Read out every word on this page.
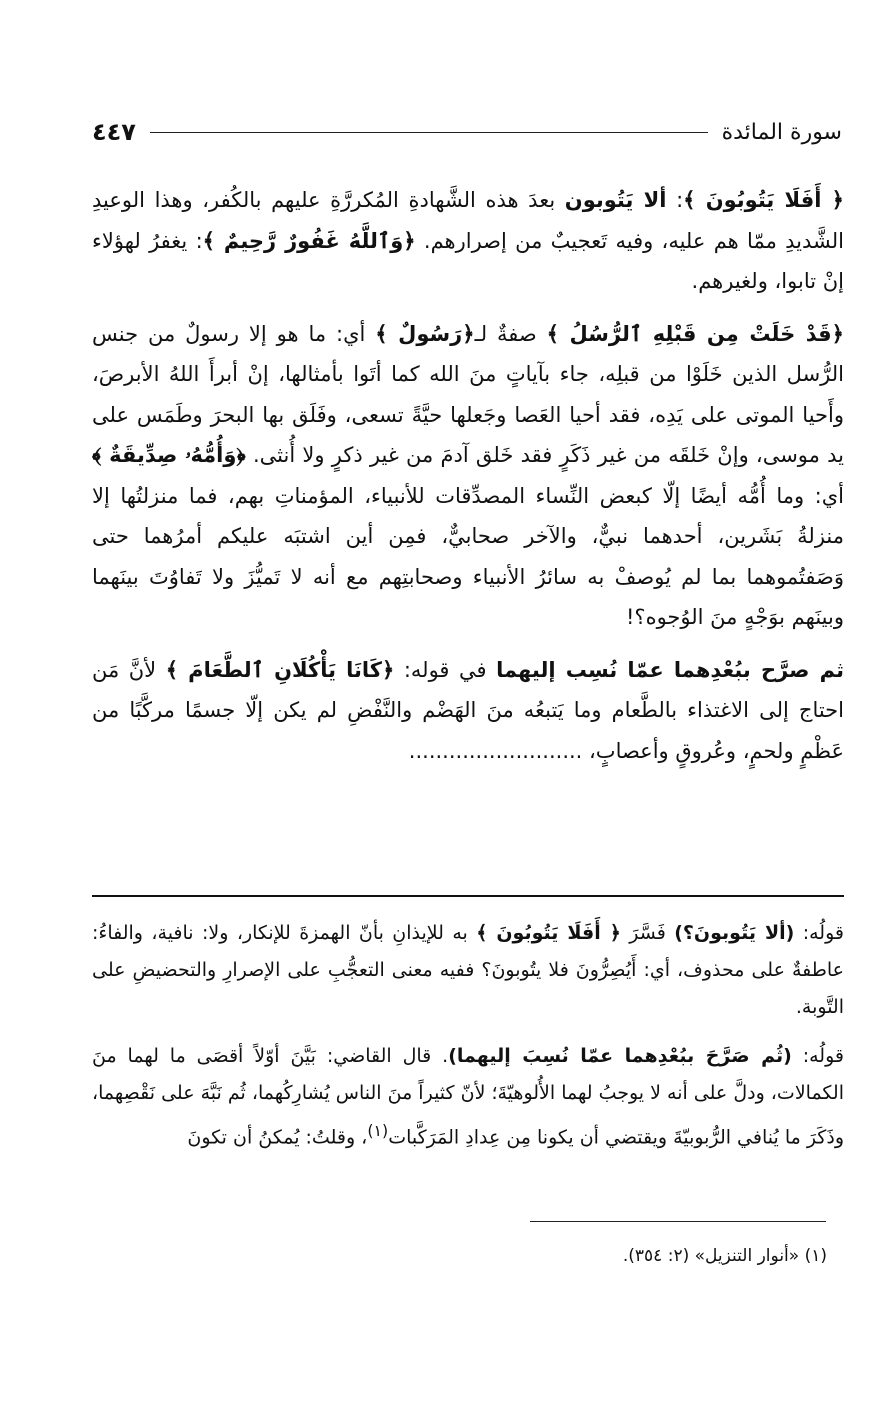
سورة المائدة
٤٤٧

﴿ أَفَلَا يَتُوبُونَ ﴾: ألا يَتُوبون بعدَ هذه الشَّهادةِ المُكررَّةِ عليهم بالكُفر، وهذا الوعيدِ الشَّديدِ ممّا هم عليه، وفيه تَعجيبٌ من إصرارهم. ﴿وَٱللَّهُ غَفُورٌ رَّحِيمٌ ﴾: يغفرُ لهؤلاء إنْ تابوا، ولغيرهم.

﴿قَدْ خَلَتْ مِن قَبْلِهِ ٱلرُّسُلُ ﴾ صفةٌ لـ﴿رَسُولٌ ﴾ أي: ما هو إلا رسولٌ من جنس الرُّسل الذين خَلَوْا من قبلِه، جاء بآياتٍ منَ الله كما أتَوا بأمثالها، إنْ أبرأَ اللهُ الأبرصَ، وأَحيا الموتى على يَدِه، فقد أحيا العَصا وجَعلها حيَّةً تسعى، وفَلَق بها البحرَ وطَمَس على يد موسى، وإنْ خَلقَه من غير ذَكَرٍ فقد خَلق آدمَ من غير ذكرٍ ولا أُنثى. ﴿وَأُمُّهُۥ صِدِّيقَةٌ ﴾ أي: وما أُمُّه أيضًا إلّا كبعض النِّساء المصدِّقات للأنبياء، المؤمناتِ بهم، فما منزلتُها إلا منزلةُ بَشَرين، أحدهما نبيٌّ، والآخر صحابيٌّ، فمِن أين اشتبَه عليكم أمرُهما حتى وَصَفتُموهما بما لم يُوصفْ به سائرُ الأنبياء وصحابتِهم مع أنه لا تَميُّزَ ولا تَفاوُتَ بينَهما وبينَهم بوَجْهٍ منَ الوُجوه؟!

ثم صرَّح ببُعْدِهما عمّا نُسِب إليهما في قوله: ﴿كَانَا يَأْكُلَانِ ٱلطَّعَامَ ﴾ لأنَّ مَن احتاج إلى الاغتذاء بالطَّعام وما يَتبعُه منَ الهَضْم والنَّفْضِ لم يكن إلّا جسمًا مركَّبًا من عَظْمٍ ولحمٍ، وعُروقٍ وأعصابٍ، ..........................

قولُه: (ألا يَتُوبونَ؟) فَسَّرَ ﴿ أَفَلَا يَتُوبُونَ ﴾ به للإيذانِ بأنّ الهمزةَ للإنكار، ولا: نافية، والفاءُ: عاطفةٌ على محذوف، أي: أَيُصِرُّونَ فلا يتُوبونَ؟ ففيه معنى التعجُّبِ على الإصرارِ والتحضيضِ على التَّوبة.

قولُه: (ثُم صَرَّحَ ببُعْدِهما عمّا نُسِبَ إليهما). قال القاضي: بَيَّنَ أوّلاً أقصَى ما لهما منَ الكمالات، ودلَّ على أنه لا يوجبُ لهما الأُلوهيّةَ؛ لأنّ كثيراً منَ الناس يُشارِكُهما، ثُم نَبَّهَ على نَقْصِهما، وذَكَرَ ما يُنافي الرُّبوبيّةَ ويقتضي أن يكونا مِن عِدادِ المَرَكَّبات$^{(١)}$، وقلتُ: يُمكنُ أن تكونَ

(١) «أنوار التنزيل» (٢: ٣٥٤).
